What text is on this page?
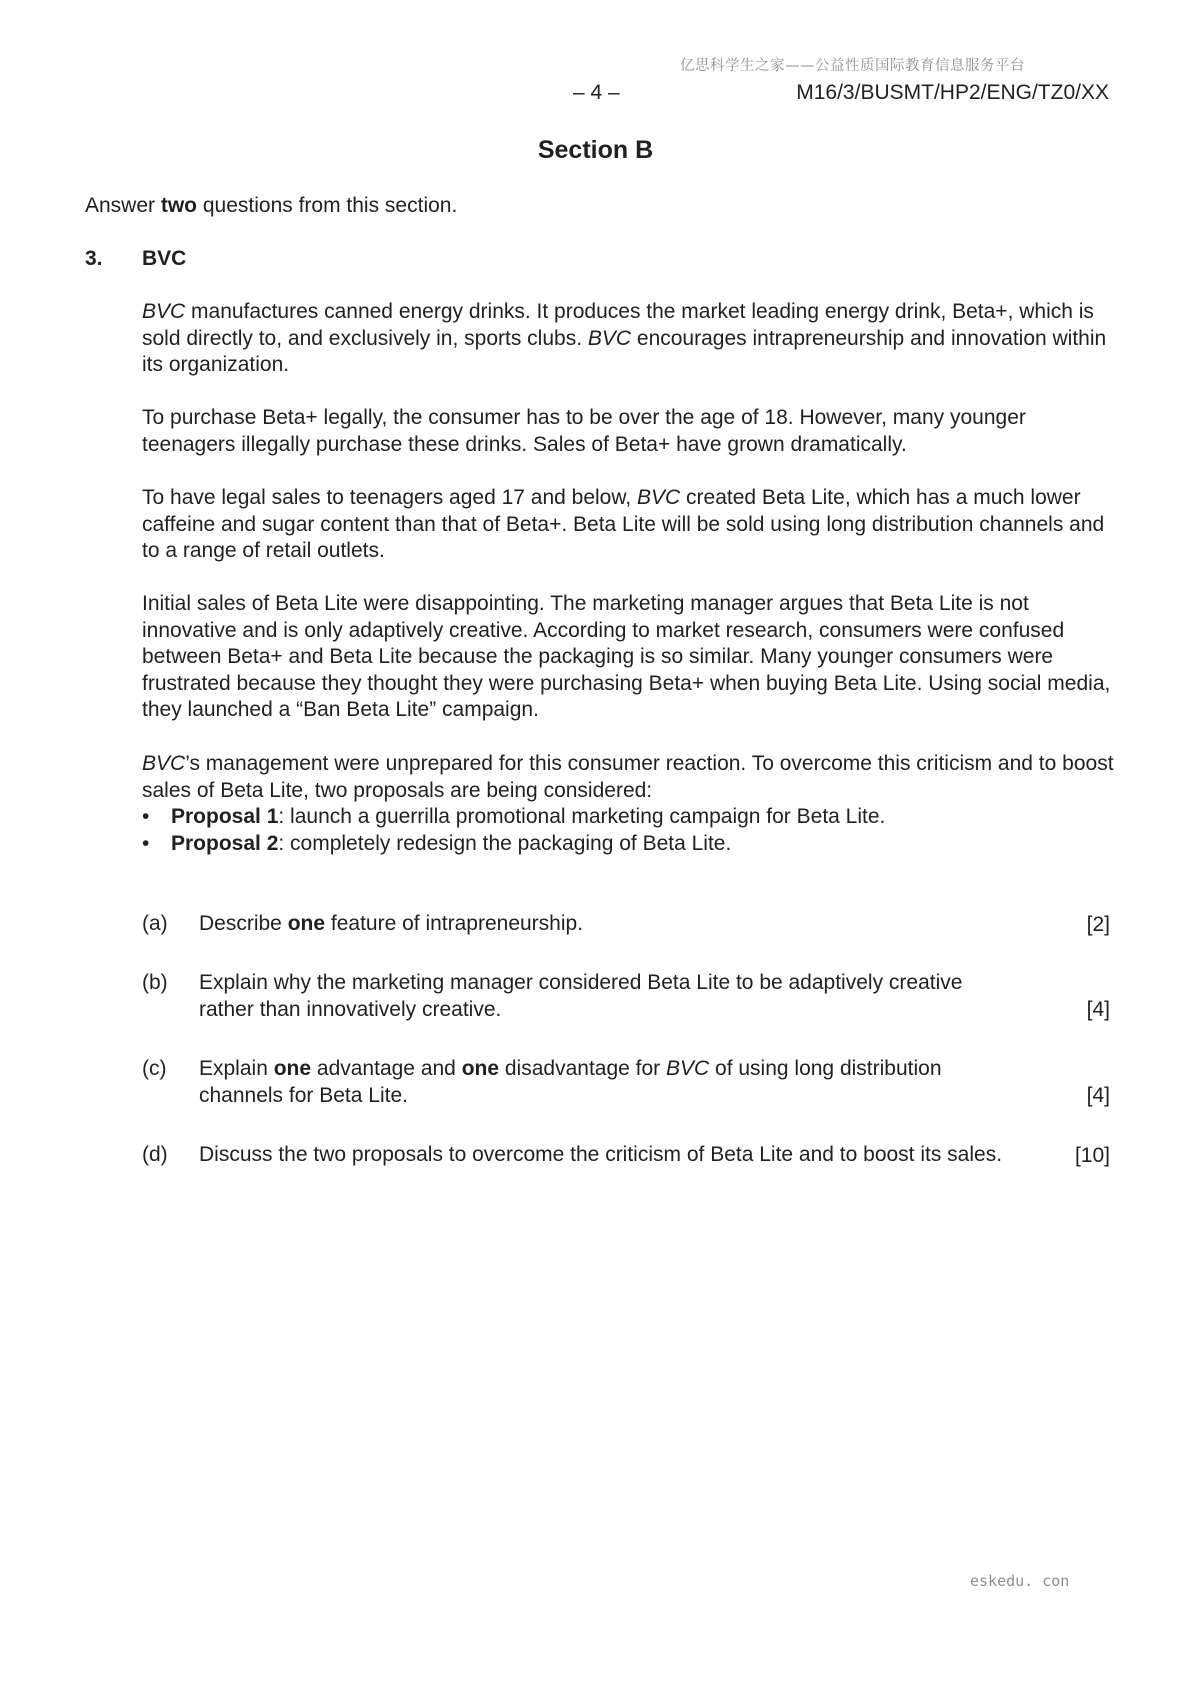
亿思科学生之家——公益性质国际教育信息服务平台
– 4 –	M16/3/BUSMT/HP2/ENG/TZ0/XX
Section B
Answer two questions from this section.
3. BVC
BVC manufactures canned energy drinks. It produces the market leading energy drink, Beta+, which is sold directly to, and exclusively in, sports clubs. BVC encourages intrapreneurship and innovation within its organization.
To purchase Beta+ legally, the consumer has to be over the age of 18. However, many younger teenagers illegally purchase these drinks. Sales of Beta+ have grown dramatically.
To have legal sales to teenagers aged 17 and below, BVC created Beta Lite, which has a much lower caffeine and sugar content than that of Beta+. Beta Lite will be sold using long distribution channels and to a range of retail outlets.
Initial sales of Beta Lite were disappointing. The marketing manager argues that Beta Lite is not innovative and is only adaptively creative. According to market research, consumers were confused between Beta+ and Beta Lite because the packaging is so similar. Many younger consumers were frustrated because they thought they were purchasing Beta+ when buying Beta Lite. Using social media, they launched a “Ban Beta Lite” campaign.
BVC’s management were unprepared for this consumer reaction. To overcome this criticism and to boost sales of Beta Lite, two proposals are being considered:
• Proposal 1: launch a guerrilla promotional marketing campaign for Beta Lite.
• Proposal 2: completely redesign the packaging of Beta Lite.
(a) Describe one feature of intrapreneurship.	[2]
(b) Explain why the marketing manager considered Beta Lite to be adaptively creative rather than innovatively creative.	[4]
(c) Explain one advantage and one disadvantage for BVC of using long distribution channels for Beta Lite.	[4]
(d) Discuss the two proposals to overcome the criticism of Beta Lite and to boost its sales.	[10]
eskedu. con
